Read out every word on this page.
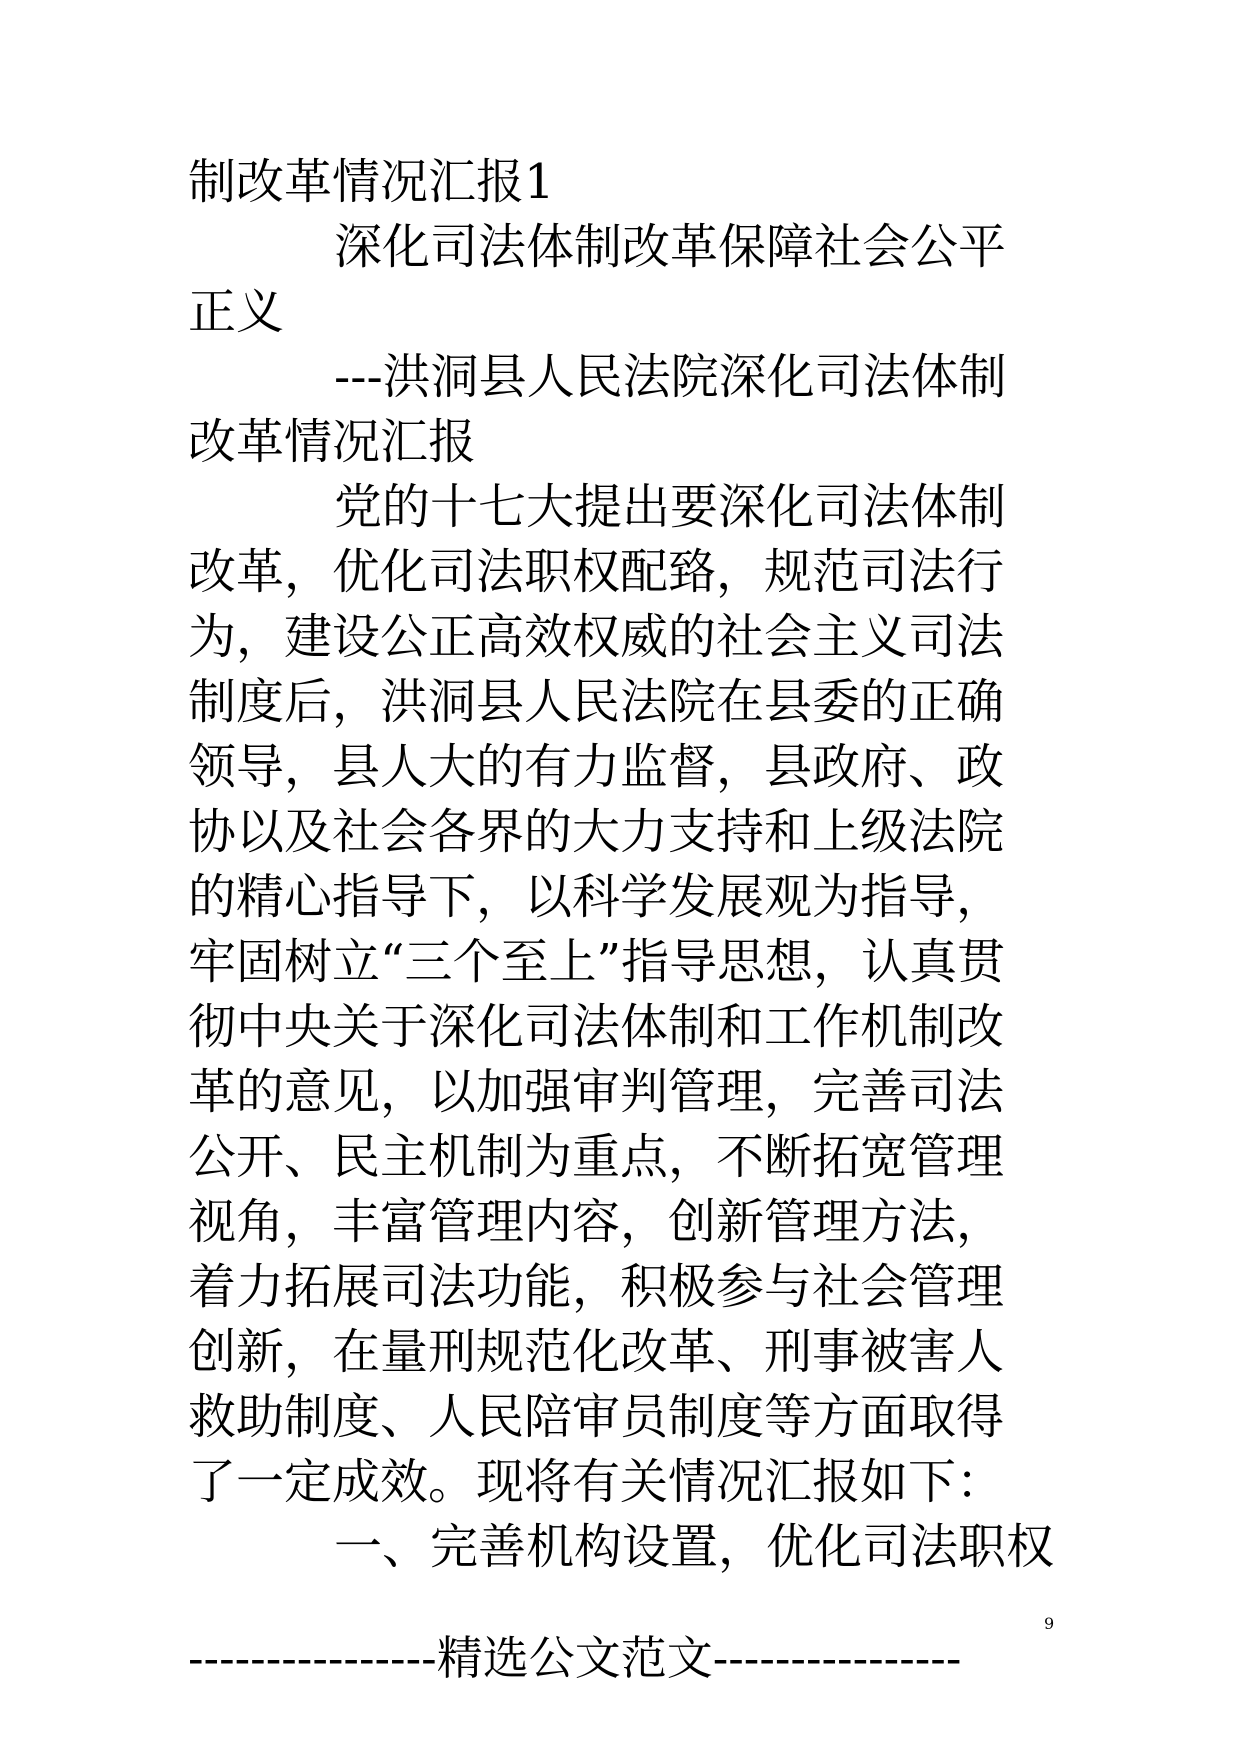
制改革情况汇报1
深化司法体制改革保障社会公平
正义
---洪洞县人民法院深化司法体制
改革情况汇报
党的十七大提出要深化司法体制
改革，优化司法职权配臵，规范司法行
为，建设公正高效权威的社会主义司法
制度后，洪洞县人民法院在县委的正确
领导，县人大的有力监督，县政府、政
协以及社会各界的大力支持和上级法院
的精心指导下，以科学发展观为指导，
牢固树立“三个至上”指导思想，认真贯
彻中央关于深化司法体制和工作机制改
革的意见，以加强审判管理，完善司法
公开、民主机制为重点，不断拓宽管理
视角，丰富管理内容，创新管理方法，
着力拓展司法功能，积极参与社会管理
创新，在量刑规范化改革、刑事被害人
救助制度、人民陪审员制度等方面取得
了一定成效。现将有关情况汇报如下：
一、完善机构设置，优化司法职权
9
----------------精选公文范文----------------
